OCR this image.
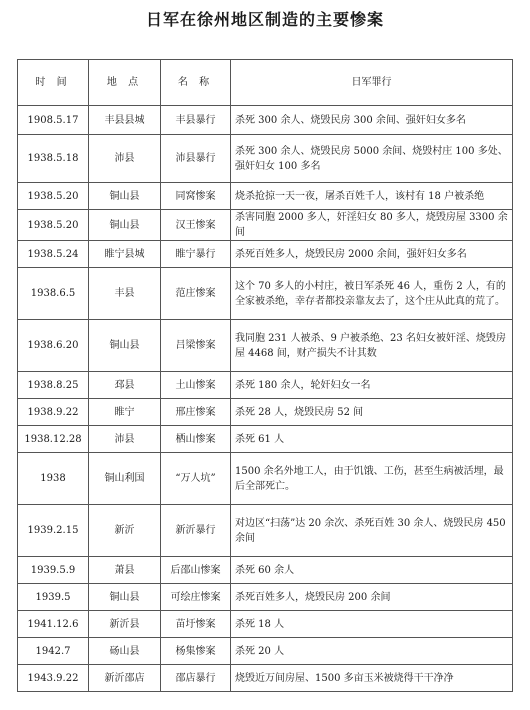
日军在徐州地区制造的主要惨案
时 间	地 点	名 称	日军罪行
1908.5.17	丰县县城	丰县暴行	杀死 300 余人、烧毁民房 300 余间、强奸妇女多名
1938.5.18	沛县	沛县暴行	杀死 300 余人、烧毁民房 5000 余间、烧毁村庄 100 多处、强奸妇女 100 多名
1938.5.20	铜山县	同窝惨案	烧杀抢掠一天一夜，屠杀百姓千人，该村有 18 户被杀绝
1938.5.20	铜山县	汉王惨案	杀害同胞 2000 多人，奸淫妇女 80 多人，烧毁房屋 3300 余间
1938.5.24	睢宁县城	睢宁暴行	杀死百姓多人，烧毁民房 2000 余间，强奸妇女多名
1938.6.5	丰县	范庄惨案	这个 70 多人的小村庄，被日军杀死 46 人，重伤 2 人，有的全家被杀绝，幸存者都投亲靠友去了，这个庄从此真的荒了。
1938.6.20	铜山县	吕梁惨案	我同胞 231 人被杀、9 户被杀绝、23 名妇女被奸淫、烧毁房屋 4468 间，财产损失不计其数
1938.8.25	邳县	土山惨案	杀死 180 余人，轮奸妇女一名
1938.9.22	睢宁	邢庄惨案	杀死 28 人，烧毁民房 52 间
1938.12.28	沛县	栖山惨案	杀死 61 人
1938	铜山利国	“万人坑”	1500 余名外地工人，由于饥饿、工伤，甚至生病被活埋，最后全部死亡。
1939.2.15	新沂	新沂暴行	对边区“扫荡”达 20 余次、杀死百姓 30 余人、烧毁民房 450 余间
1939.5.9	萧县	后邵山惨案	杀死 60 余人
1939.5	铜山县	可绘庄惨案	杀死百姓多人，烧毁民房 200 余间
1941.12.6	新沂县	苗圩惨案	杀死 18 人
1942.7	砀山县	杨集惨案	杀死 20 人
1943.9.22	新沂邵店	邵店暴行	烧毁近万间房屋、1500 多亩玉米被烧得干干净净
